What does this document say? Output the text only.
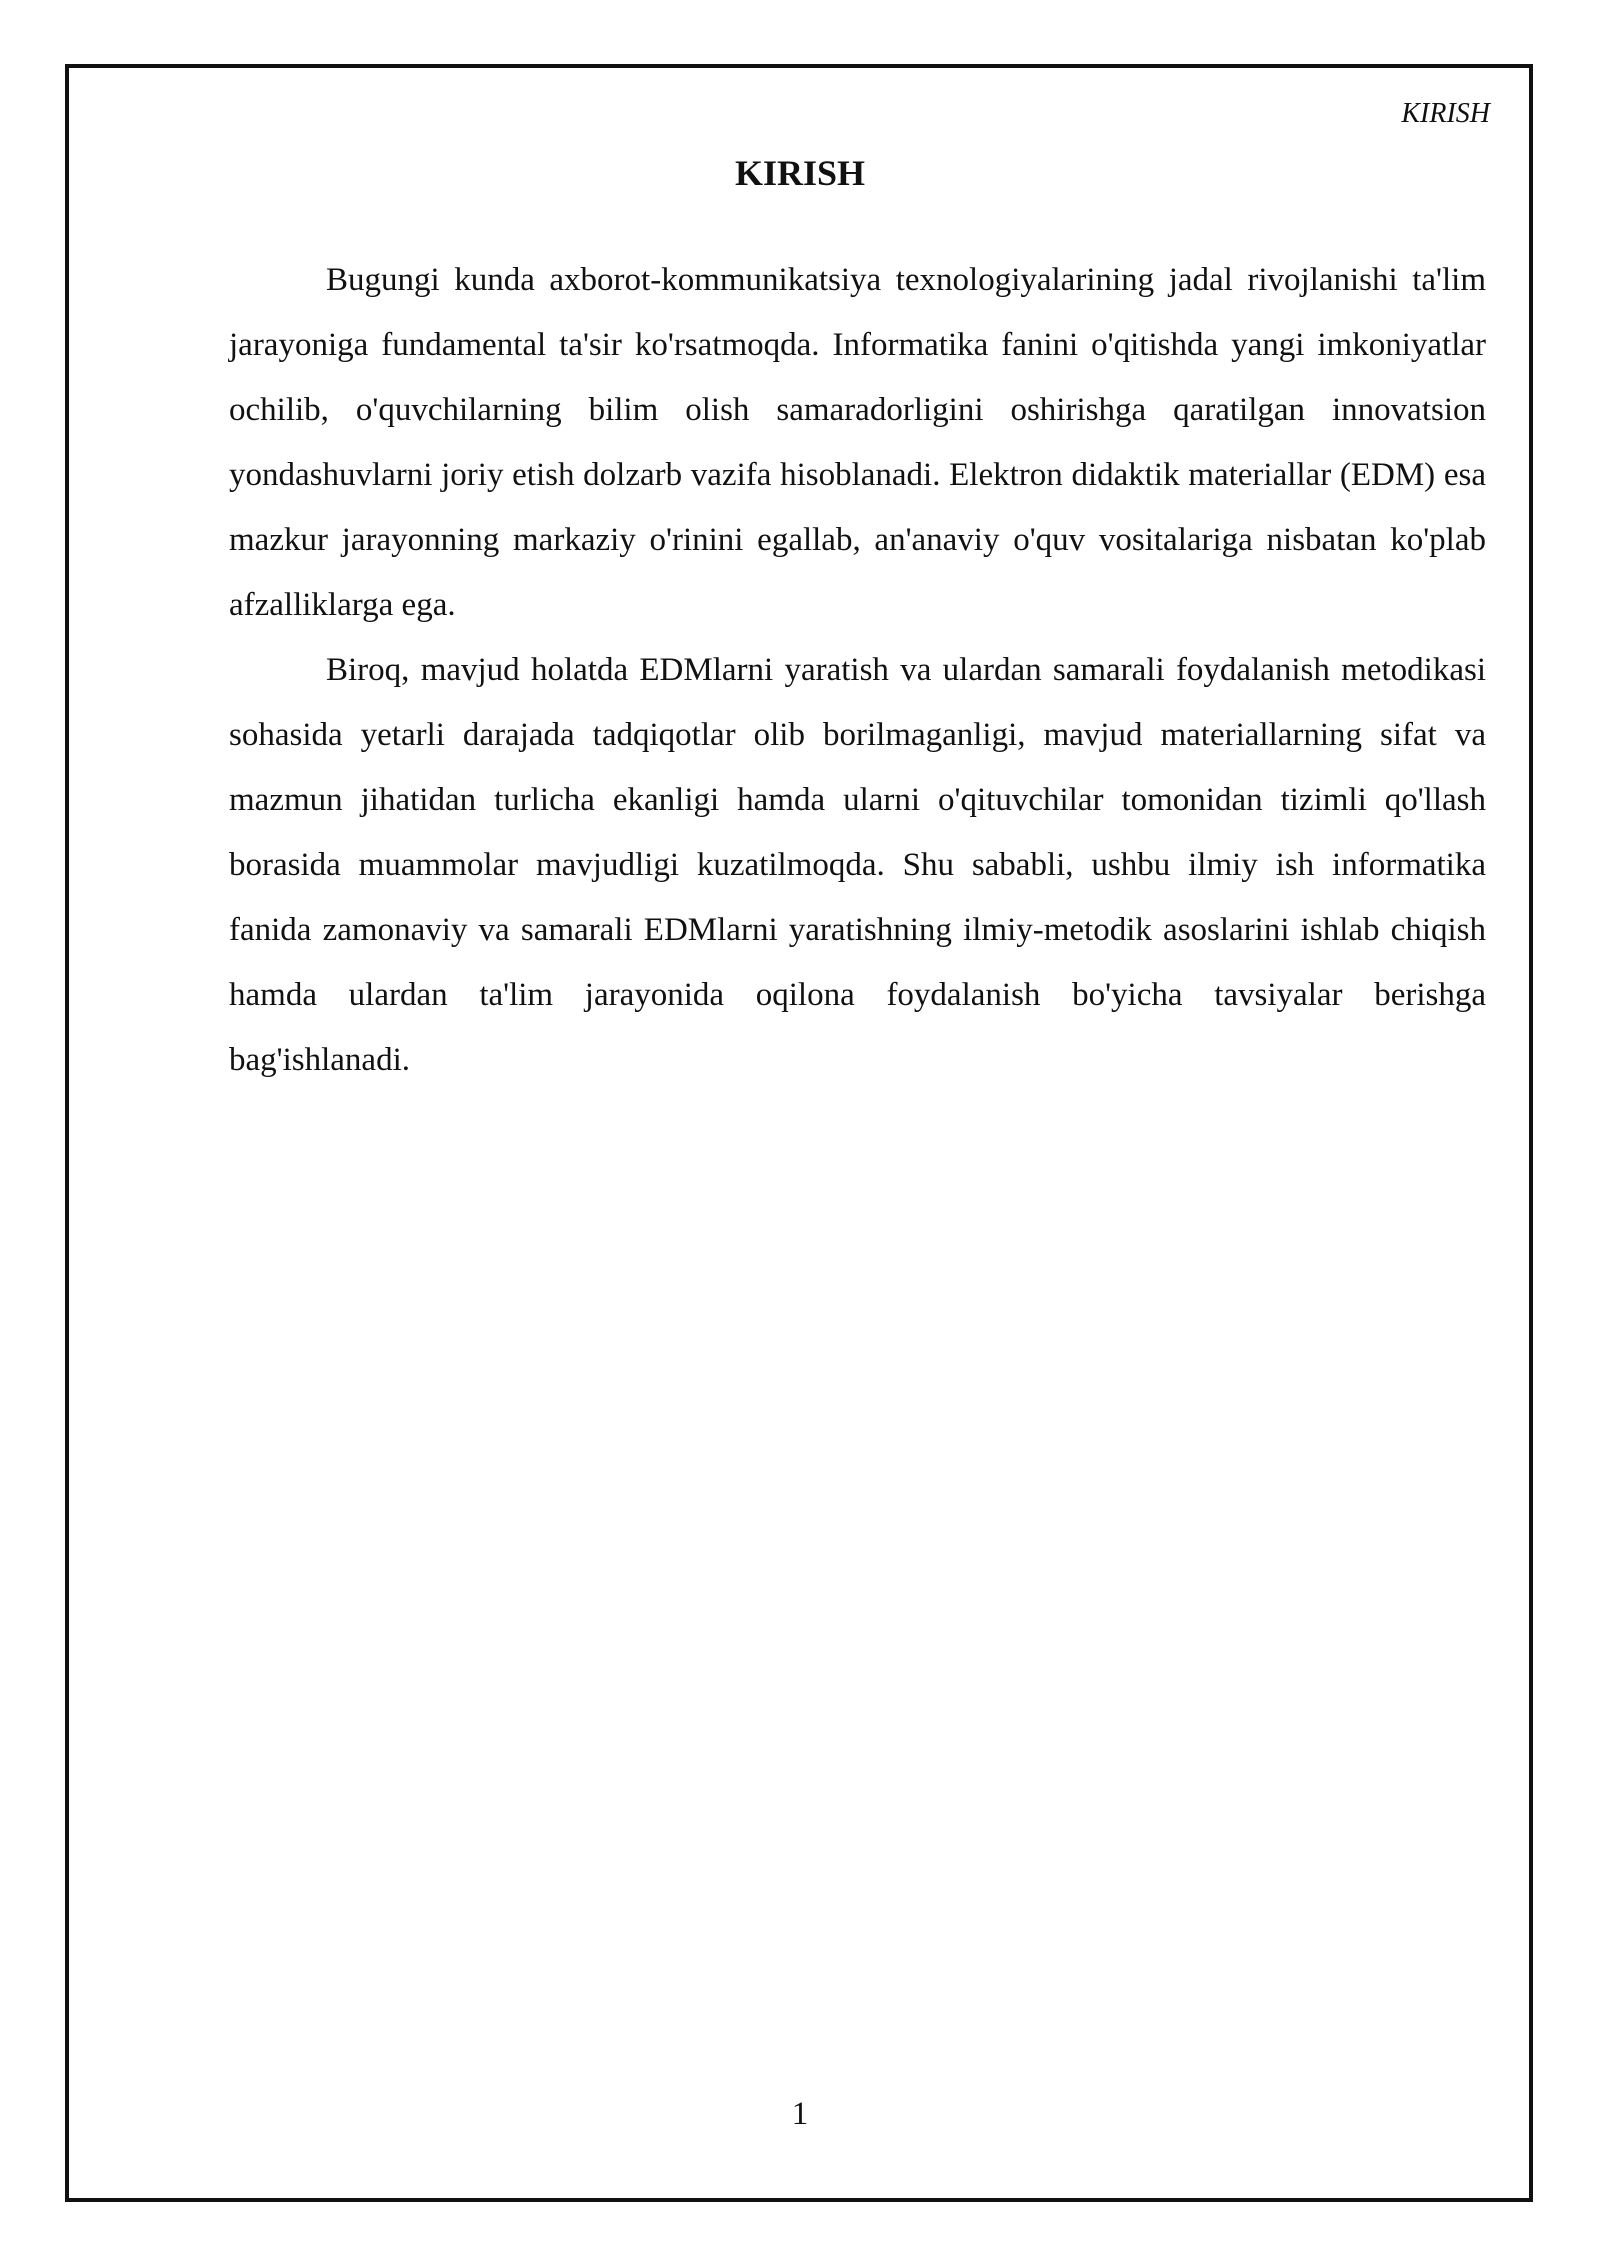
KIRISH
KIRISH

Bugungi kunda axborot-kommunikatsiya texnologiyalarining jadal rivojlanishi ta'lim jarayoniga fundamental ta'sir ko'rsatmoqda. Informatika fanini o'qitishda yangi imkoniyatlar ochilib, o'quvchilarning bilim olish samaradorligini oshirishga qaratilgan innovatsion yondashuvlarni joriy etish dolzarb vazifa hisoblanadi. Elektron didaktik materiallar (EDM) esa mazkur jarayonning markaziy o'rinini egallab, an'anaviy o'quv vositalariga nisbatan ko'plab afzalliklarga ega.

Biroq, mavjud holatda EDMlarni yaratish va ulardan samarali foydalanish metodikasi sohasida yetarli darajada tadqiqotlar olib borilmaganligi, mavjud materiallarning sifat va mazmun jihatidan turlicha ekanligi hamda ularni o'qituvchilar tomonidan tizimli qo'llash borasida muammolar mavjudligi kuzatilmoqda. Shu sababli, ushbu ilmiy ish informatika fanida zamonaviy va samarali EDMlarni yaratishning ilmiy-metodik asoslarini ishlab chiqish hamda ulardan ta'lim jarayonida oqilona foydalanish bo'yicha tavsiyalar berishga bag'ishlanadi.

1
